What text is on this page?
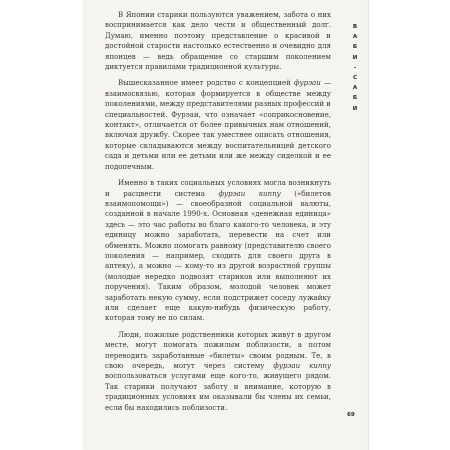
В Японии старики пользуются уважением, забота о них воспринимается как дело чести и общественный долг. Думаю, именно поэтому представление о красивой и достойной старости настолько естественно и очевидно для японцев — ведь обращение со старшим поколением диктуется правилами традиционной культуры.

Вышесказанное имеет родство с концепцией фурэаи — взаимосвязью, которая формируется в обществе между поколениями, между представителями разных профессий и специальностей. Фурэаи, что означает «соприкосновение, контакт», отличается от более привычных нам отношений, включая дружбу. Скорее так уместнее описать отношения, которые складываются между воспитательницей детского сада и детьми или ее детьми или же между сиделкой и ее подопечным.

Именно в таких социальных условиях могла возникнуть и расцвести система фурэаи киппу («билетов взаимопомощи») — своеобразной социальной валюты, созданной в начале 1990-х. Основная «денежная единица» здесь — это час работы во благо какого-то человека, и эту единицу можно заработать, перевести на счет или обменять. Можно помогать равному (представителю своего поколения — например, сходить для своего друга в аптеку), а можно — кому-то из другой возрастной группы (молодые нередко подвозят стариков или выполняют их поручения). Таким образом, молодой человек может заработать некую сумму, если подстрижет соседу лужайку или сделает еще какую-нибудь физическую работу, которая тому не по силам.

Люди, пожилые родственники которых живут в другом месте, могут помогать пожилым поблизости, а потом переводить заработанные «билеты» своим родным. Те, в свою очередь, могут через систему фурэаи киппу воспользоваться услугами еще кого-то, живущего рядом. Так старики получают заботу и внимание, которую в традиционных условиях им оказывали бы члены их семьи, если бы находились поблизости.

В
А
Б
И
-
С
А
Б
И
69
